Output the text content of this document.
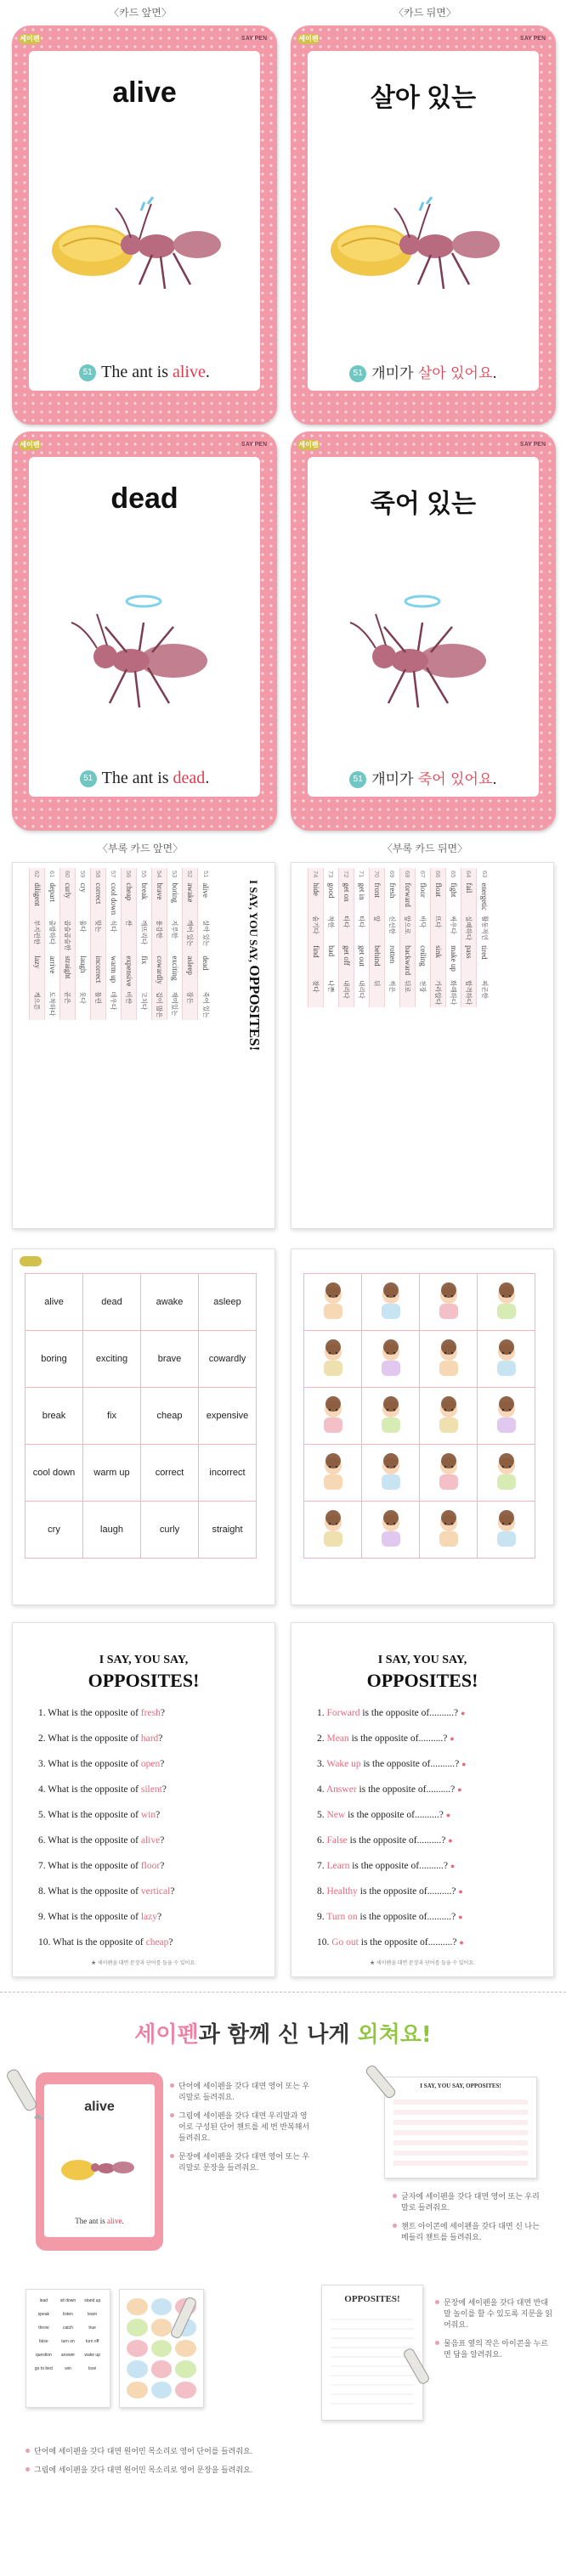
〈카드 앞면〉	〈카드 뒤면〉
세이펜	SAY PEN
alive
51 The ant is alive.
세이펜	SAY PEN
살아 있는
51 개미가 살아 있어요.
세이펜	SAY PEN
dead
51 The ant is dead.
세이펜	SAY PEN
죽어 있는
51 개미가 죽어 있어요.
〈부록 카드 앞면〉	〈부록 카드 뒤면〉
51	alive	살아 있는	dead	죽어 있는
52	awake	깨어 있는	asleep	잠든
53	boring	지루한	exciting	재미있는
54	brave	용감한	cowardly	겁이 많은
55	break	깨뜨리다	fix	고치다
56	cheap	싼	expensive	비싼
57	cool down	식다	warm up	데우다
58	correct	맞는	incorrect	틀린
59	cry	울다	laugh	웃다
60	curly	곱슬곱슬한	straight	곧은
61	depart	출발하다	arrive	도착하다
62	diligent	부지런한	lazy	게으른
I SAY, YOU SAY, OPPOSITES!
63	energetic	활동적인	tired	피곤한
64	fail	실패하다	pass	합격하다
65	fight	싸우다	make up	화해하다
66	float	뜨다	sink	가라앉다
67	floor	바닥	ceiling	천장
68	forward	앞으로	backward	뒤로
69	fresh	신선한	rotten	썩은
70	front	앞	behind	뒤
71	get in	타다	get out	내리다
72	get on	타다	get off	내리다
73	good	착한	bad	나쁜
74	hide	숨기다	find	찾다
alive	dead	awake	asleep
boring	exciting	brave	cowardly
break	fix	cheap	expensive
cool down	warm up	correct	incorrect
cry	laugh	curly	straight

I SAY, YOU SAY,
OPPOSITES!
1. What is the opposite of fresh?
2. What is the opposite of hard?
3. What is the opposite of open?
4. What is the opposite of silent?
5. What is the opposite of win?
6. What is the opposite of alive?
7. What is the opposite of floor?
8. What is the opposite of vertical?
9. What is the opposite of lazy?
10. What is the opposite of cheap?
★ 세이펜을 대면 문장과 단어를 들을 수 있어요.
I SAY, YOU SAY,
OPPOSITES!
1. Forward is the opposite of..........? ●
2. Mean is the opposite of..........? ●
3. Wake up is the opposite of..........? ●
4. Answer is the opposite of..........? ●
5. New is the opposite of..........? ●
6. False is the opposite of..........? ●
7. Learn is the opposite of..........? ●
8. Healthy is the opposite of..........? ●
9. Turn on is the opposite of..........? ●
10. Go out is the opposite of..........? ●
★ 세이펜을 대면 문장과 단어를 들을 수 있어요.
세이펜과 함께 신 나게 외쳐요!
alive
The ant is alive.
단어에 세이펜을 갖다 대면 영어 또는 우리말로 들려줘요.
그림에 세이펜을 갖다 대면 우리말과 영어로 구성된 단어 챈트를 세 번 반복해서 들려줘요.
문장에 세이펜을 갖다 대면 영어 또는 우리말로 문장을 들려줘요.
I SAY, YOU SAY, OPPOSITES!
글자에 세이펜을 갖다 대면 영어 또는 우리말로 들려줘요.
챈트 아이콘에 세이펜을 갖다 대면 신 나는 메들리 챈트를 들려줘요.
lead	sit down	stand up
speak	listen	learn
throw	catch	true
false	turn on	turn off
question	answer	wake up
go to bed	win	lose
OPPOSITES!	문장에 세이펜을 갖다 대면 반대말 놀이를 할 수 있도록 지문을 읽어줘요.
물음표 옆의 작은 아이콘을 누르면 답을 알려줘요.
단어에 세이펜을 갖다 대면 원어민 목소리로 영어 단어를 들려줘요.
그림에 세이펜을 갖다 대면 원어민 목소리로 영어 문장을 들려줘요.
